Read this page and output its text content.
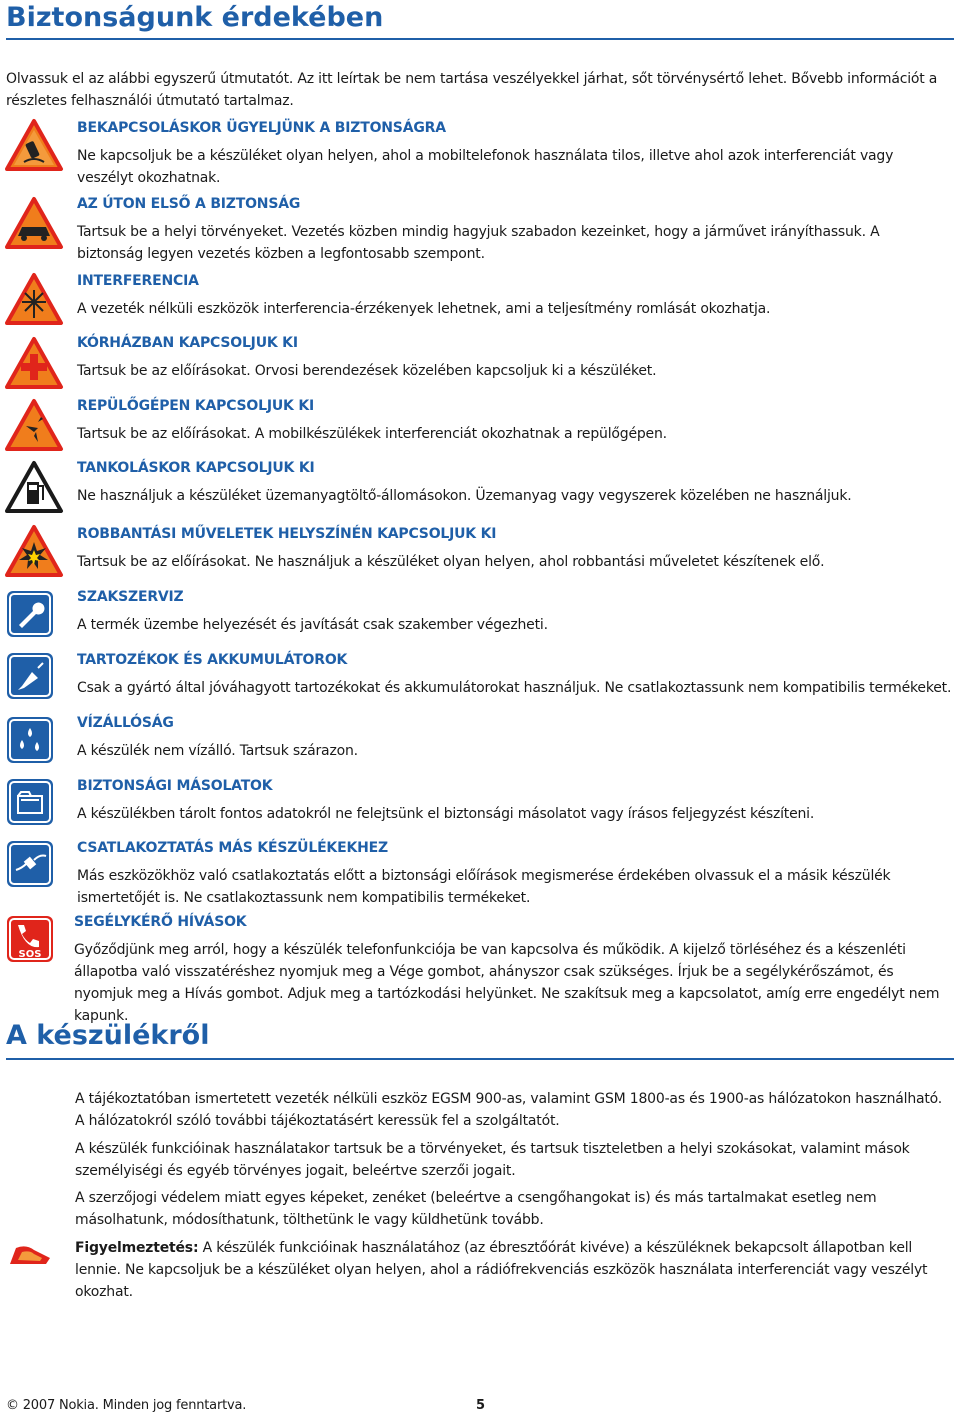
Biztonságunk érdekében
Olvassuk el az alábbi egyszerű útmutatót. Az itt leírtak be nem tartása veszélyekkel járhat, sőt törvénysértő lehet. Bővebb információt a részletes felhasználói útmutató tartalmaz.
BEKAPCSOLÁSKOR ÜGYELJÜNK A BIZTONSÁGRA
Ne kapcsoljuk be a készüléket olyan helyen, ahol a mobiltelefonok használata tilos, illetve ahol azok interferenciát vagy veszélyt okozhatnak.
AZ ÚTON ELSŐ A BIZTONSÁG
Tartsuk be a helyi törvényeket. Vezetés közben mindig hagyjuk szabadon kezeinket, hogy a járművet irányíthassuk. A biztonság legyen vezetés közben a legfontosabb szempont.
INTERFERENCIA
A vezeték nélküli eszközök interferencia-érzékenyek lehetnek, ami a teljesítmény romlását okozhatja.
KÓRHÁZBAN KAPCSOLJUK KI
Tartsuk be az előírásokat. Orvosi berendezések közelében kapcsoljuk ki a készüléket.
REPÜLŐGÉPEN KAPCSOLJUK KI
Tartsuk be az előírásokat. A mobilkészülékek interferenciát okozhatnak a repülőgépen.
TANKOLÁSKOR KAPCSOLJUK KI
Ne használjuk a készüléket üzemanyagtöltő-állomásokon. Üzemanyag vagy vegyszerek közelében ne használjuk.
ROBBANTÁSI MŰVELETEK HELYSZÍNÉN KAPCSOLJUK KI
Tartsuk be az előírásokat. Ne használjuk a készüléket olyan helyen, ahol robbantási műveletet készítenek elő.
SZAKSZERVIZ
A termék üzembe helyezését és javítását csak szakember végezheti.
TARTOZÉKOK ÉS AKKUMULÁTOROK
Csak a gyártó által jóváhagyott tartozékokat és akkumulátorokat használjuk. Ne csatlakoztassunk nem kompatibilis termékeket.
VÍZÁLLÓSÁG
A készülék nem vízálló. Tartsuk szárazon.
BIZTONSÁGI MÁSOLATOK
A készülékben tárolt fontos adatokról ne felejtsünk el biztonsági másolatot vagy írásos feljegyzést készíteni.
CSATLAKOZTATÁS MÁS KÉSZÜLÉKEKHEZ
Más eszközökhöz való csatlakoztatás előtt a biztonsági előírások megismerése érdekében olvassuk el a másik készülék ismertetőjét is. Ne csatlakoztassunk nem kompatibilis termékeket.
SOS
SEGÉLYKÉRŐ HÍVÁSOK
Győződjünk meg arról, hogy a készülék telefonfunkciója be van kapcsolva és működik. A kijelző törléséhez és a készenléti állapotba való visszatéréshez nyomjuk meg a Vége gombot, ahányszor csak szükséges. Írjuk be a segélykérőszámot, és nyomjuk meg a Hívás gombot. Adjuk meg a tartózkodási helyünket. Ne szakítsuk meg a kapcsolatot, amíg erre engedélyt nem kapunk.
A készülékről
A tájékoztatóban ismertetett vezeték nélküli eszköz EGSM 900-as, valamint GSM 1800-as és 1900-as hálózatokon használható. A hálózatokról szóló további tájékoztatásért keressük fel a szolgáltatót.
A készülék funkcióinak használatakor tartsuk be a törvényeket, és tartsuk tiszteletben a helyi szokásokat, valamint mások személyiségi és egyéb törvényes jogait, beleértve szerzői jogait.
A szerzőjogi védelem miatt egyes képeket, zenéket (beleértve a csengőhangokat is) és más tartalmakat esetleg nem másolhatunk, módosíthatunk, tölthetünk le vagy küldhetünk tovább.
Figyelmeztetés: A készülék funkcióinak használatához (az ébresztőórát kivéve) a készüléknek bekapcsolt állapotban kell lennie. Ne kapcsoljuk be a készüléket olyan helyen, ahol a rádiófrekvenciás eszközök használata interferenciát vagy veszélyt okozhat.
© 2007 Nokia. Minden jog fenntartva.	5
